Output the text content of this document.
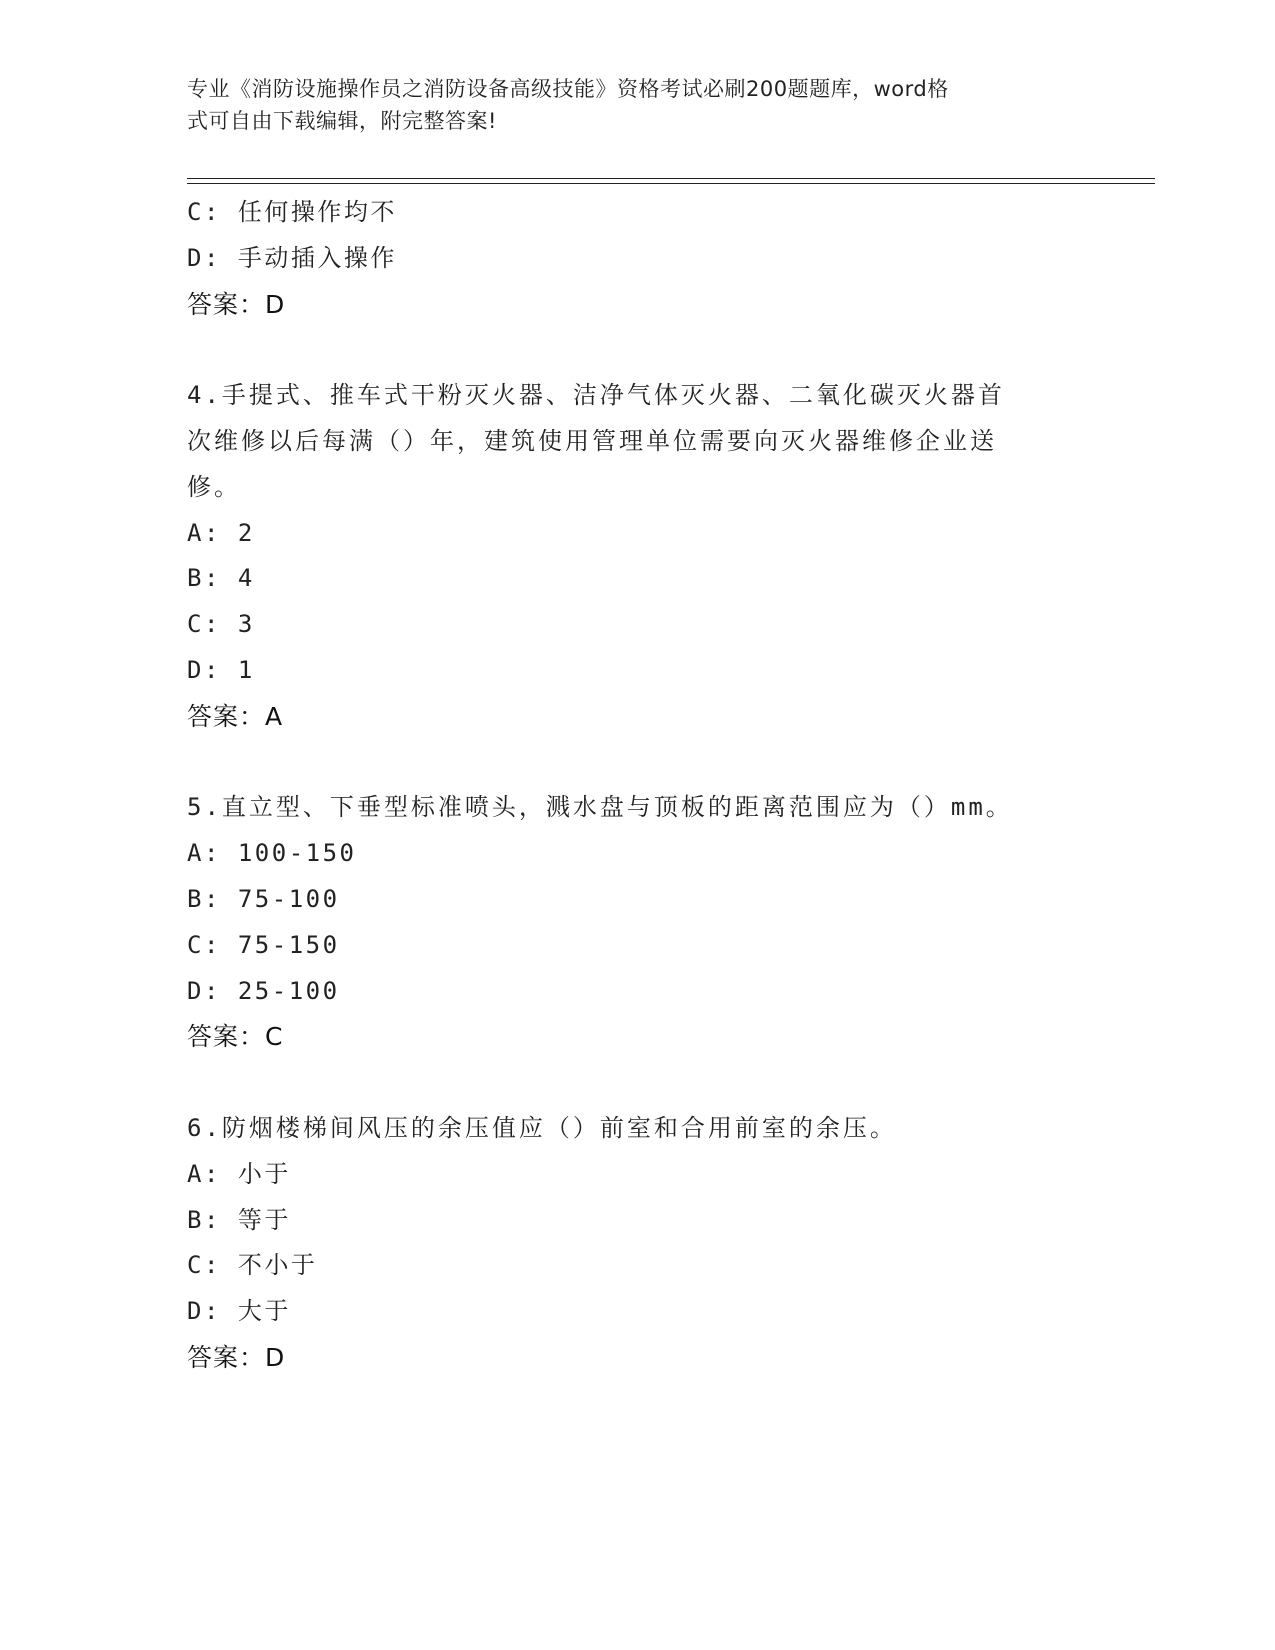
专业《消防设施操作员之消防设备高级技能》资格考试必刷200题题库，word格
式可自由下载编辑，附完整答案!
C: 任何操作均不
D: 手动插入操作
答案：D
4.手提式、推车式干粉灭火器、洁净气体灭火器、二氧化碳灭火器首
次维修以后每满（）年，建筑使用管理单位需要向灭火器维修企业送
修。
A: 2
B: 4
C: 3
D: 1
答案：A
5.直立型、下垂型标准喷头，溅水盘与顶板的距离范围应为（）mm。
A: 100-150
B: 75-100
C: 75-150
D: 25-100
答案：C
6.防烟楼梯间风压的余压值应（）前室和合用前室的余压。
A: 小于
B: 等于
C: 不小于
D: 大于
答案：D
